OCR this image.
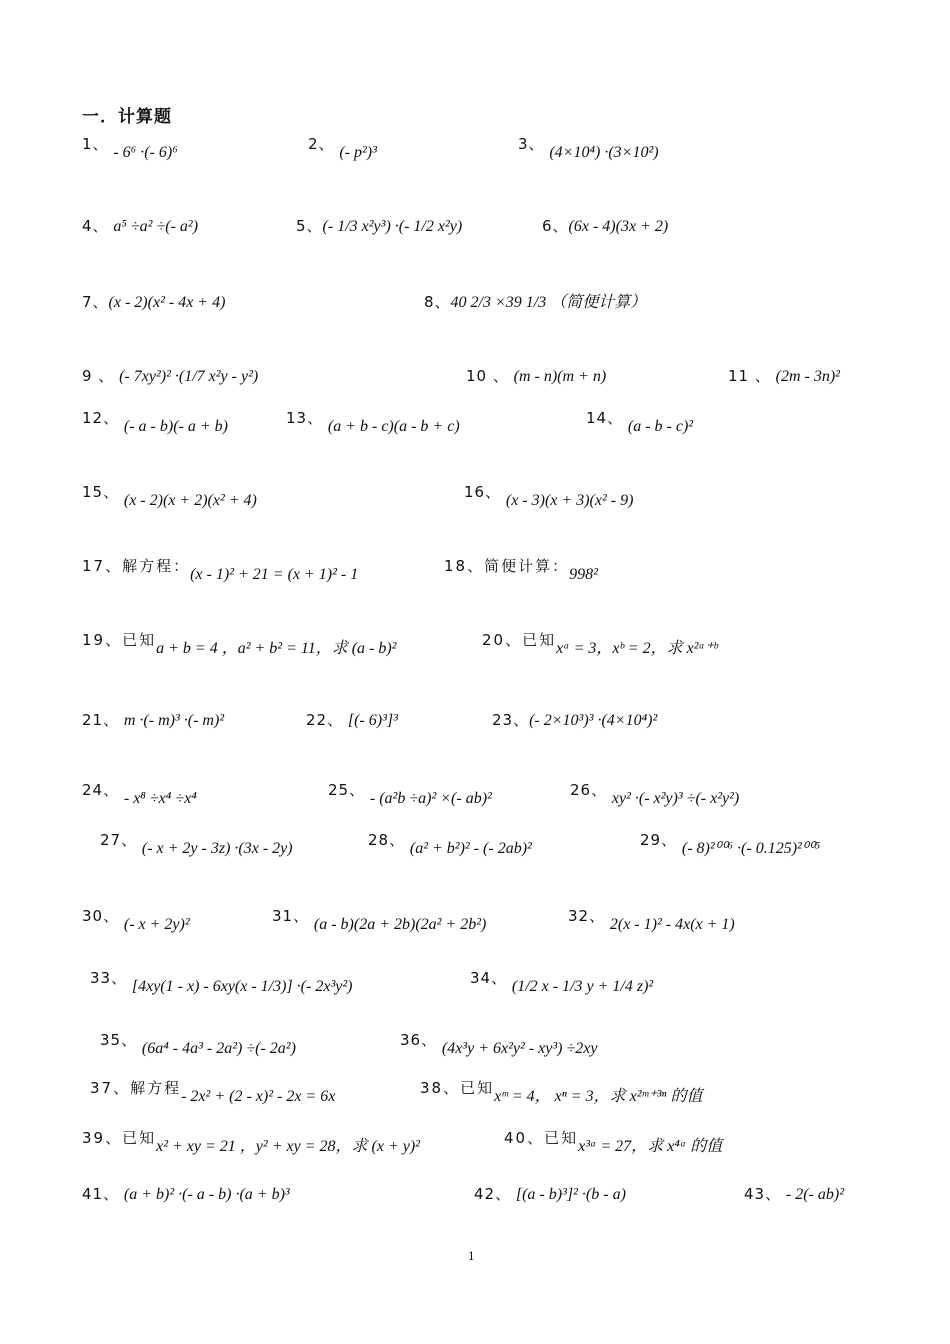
一．计算题
1、 - 6⁶ ·(- 6)⁶	2、 (- p²)³	3、 (4×10⁴) ·(3×10²)
4、 a⁵ ÷a² ÷(- a²)	5、(- 1/3 x²y³) ·(- 1/2 x²y)	6、(6x - 4)(3x + 2)
7、(x - 2)(x² - 4x + 4)	8、40 2/3 ×39 1/3 （简便计算）
9 、 (- 7xy²)² ·(1/7 x²y - y²)	10 、 (m - n)(m + n)	11 、 (2m - 3n)²
12、 (- a - b)(- a + b)	13、 (a + b - c)(a - b + c)	14、 (a - b - c)²
15、 (x - 2)(x + 2)(x² + 4)	16、 (x - 3)(x + 3)(x² - 9)
17、解方程：(x - 1)² + 21 = (x + 1)² - 1	18、简便计算：998²
19、已知a + b = 4 ，a² + b² = 11，求 (a - b)²	20、已知xᵃ = 3，xᵇ = 2，求 x²ᵃ⁺ᵇ
21、 m ·(- m)³ ·(- m)²	22、 [(- 6)³]³	23、(- 2×10³)³ ·(4×10⁴)²
24、 - x⁸ ÷x⁴ ÷x⁴	25、 - (a²b ÷a)² ×(- ab)²	26、 xy² ·(- x²y)³ ÷(- x²y²)
27、 (- x + 2y - 3z) ·(3x - 2y)	28、 (a² + b²)² - (- 2ab)²	29、 (- 8)²⁰⁰⁶ ·(- 0.125)²⁰⁰⁵
30、 (- x + 2y)²	31、 (a - b)(2a + 2b)(2a² + 2b²)	32、 2(x - 1)² - 4x(x + 1)
33、 [4xy(1 - x) - 6xy(x - 1/3)] ·(- 2x³y²)	34、 (1/2 x - 1/3 y + 1/4 z)²
35、 (6a⁴ - 4a³ - 2a²) ÷(- 2a²)	36、 (4x³y + 6x²y² - xy³) ÷2xy
37、解方程- 2x² + (2 - x)² - 2x = 6x	38、已知xᵐ = 4， xⁿ = 3，求 x²ᵐ⁺³ⁿ 的值
39、已知x² + xy = 21 ，y² + xy = 28，求 (x + y)²	40、已知x³ᵃ = 27，求 x⁴ᵃ 的值
41、 (a + b)² ·(- a - b) ·(a + b)³	42、 [(a - b)³]² ·(b - a)	43、 - 2(- ab)²
1
